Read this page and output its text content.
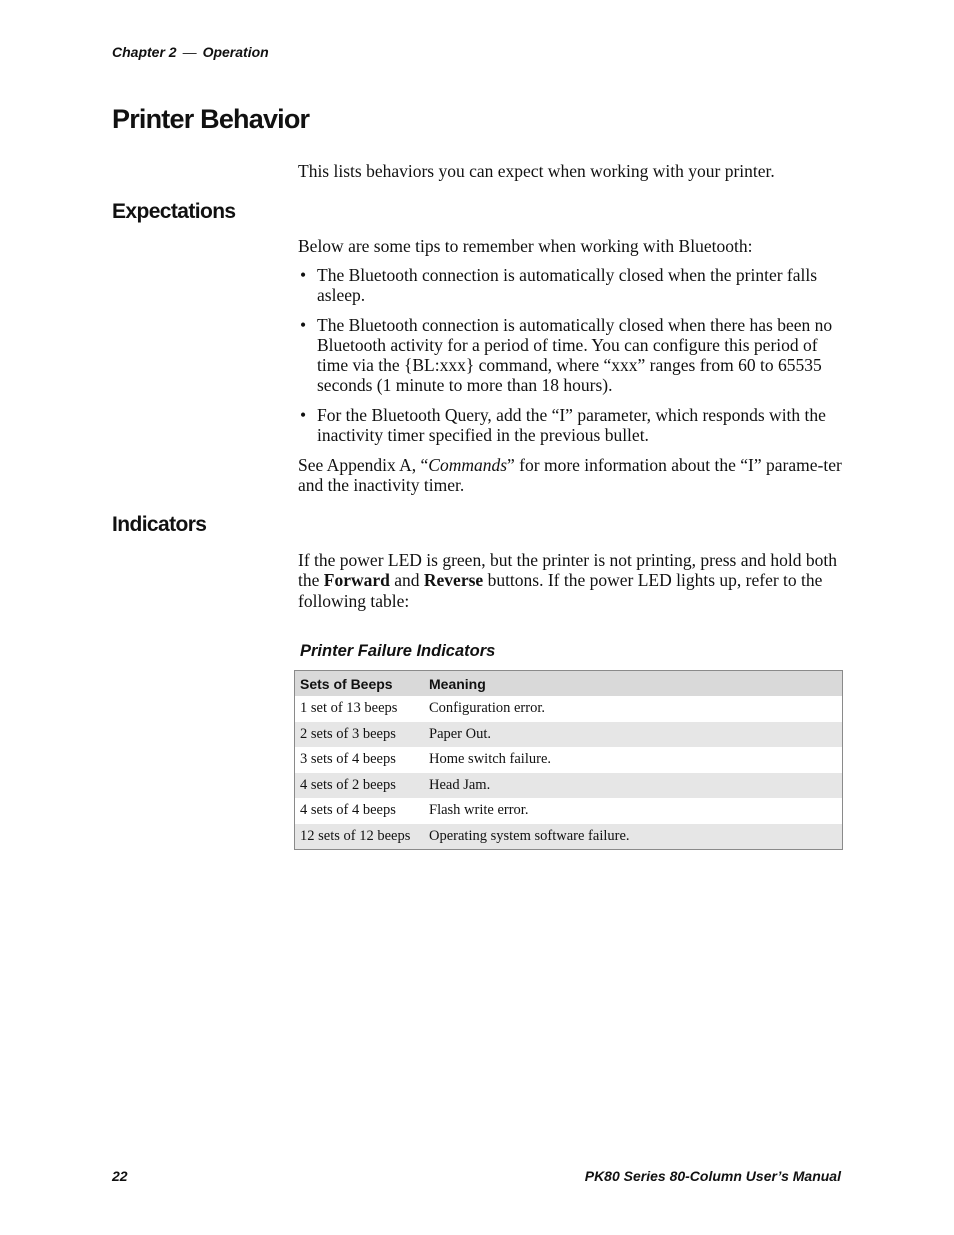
Chapter 2 — Operation
Printer Behavior

This lists behaviors you can expect when working with your printer.

Expectations

Below are some tips to remember when working with Bluetooth:

• The Bluetooth connection is automatically closed when the printer falls asleep.
• The Bluetooth connection is automatically closed when there has been no Bluetooth activity for a period of time. You can configure this period of time via the {BL:xxx} command, where “xxx” ranges from 60 to 65535 seconds (1 minute to more than 18 hours).
• For the Bluetooth Query, add the “I” parameter, which responds with the inactivity timer specified in the previous bullet.

See Appendix A, “Commands” for more information about the “I” parame-ter and the inactivity timer.

Indicators

If the power LED is green, but the printer is not printing, press and hold both the Forward and Reverse buttons. If the power LED lights up, refer to the following table:

Printer Failure Indicators
Sets of Beeps	Meaning
1 set of 13 beeps	Configuration error.
2 sets of 3 beeps	Paper Out.
3 sets of 4 beeps	Home switch failure.
4 sets of 2 beeps	Head Jam.
4 sets of 4 beeps	Flash write error.
12 sets of 12 beeps	Operating system software failure.
22	PK80 Series 80-Column User’s Manual
